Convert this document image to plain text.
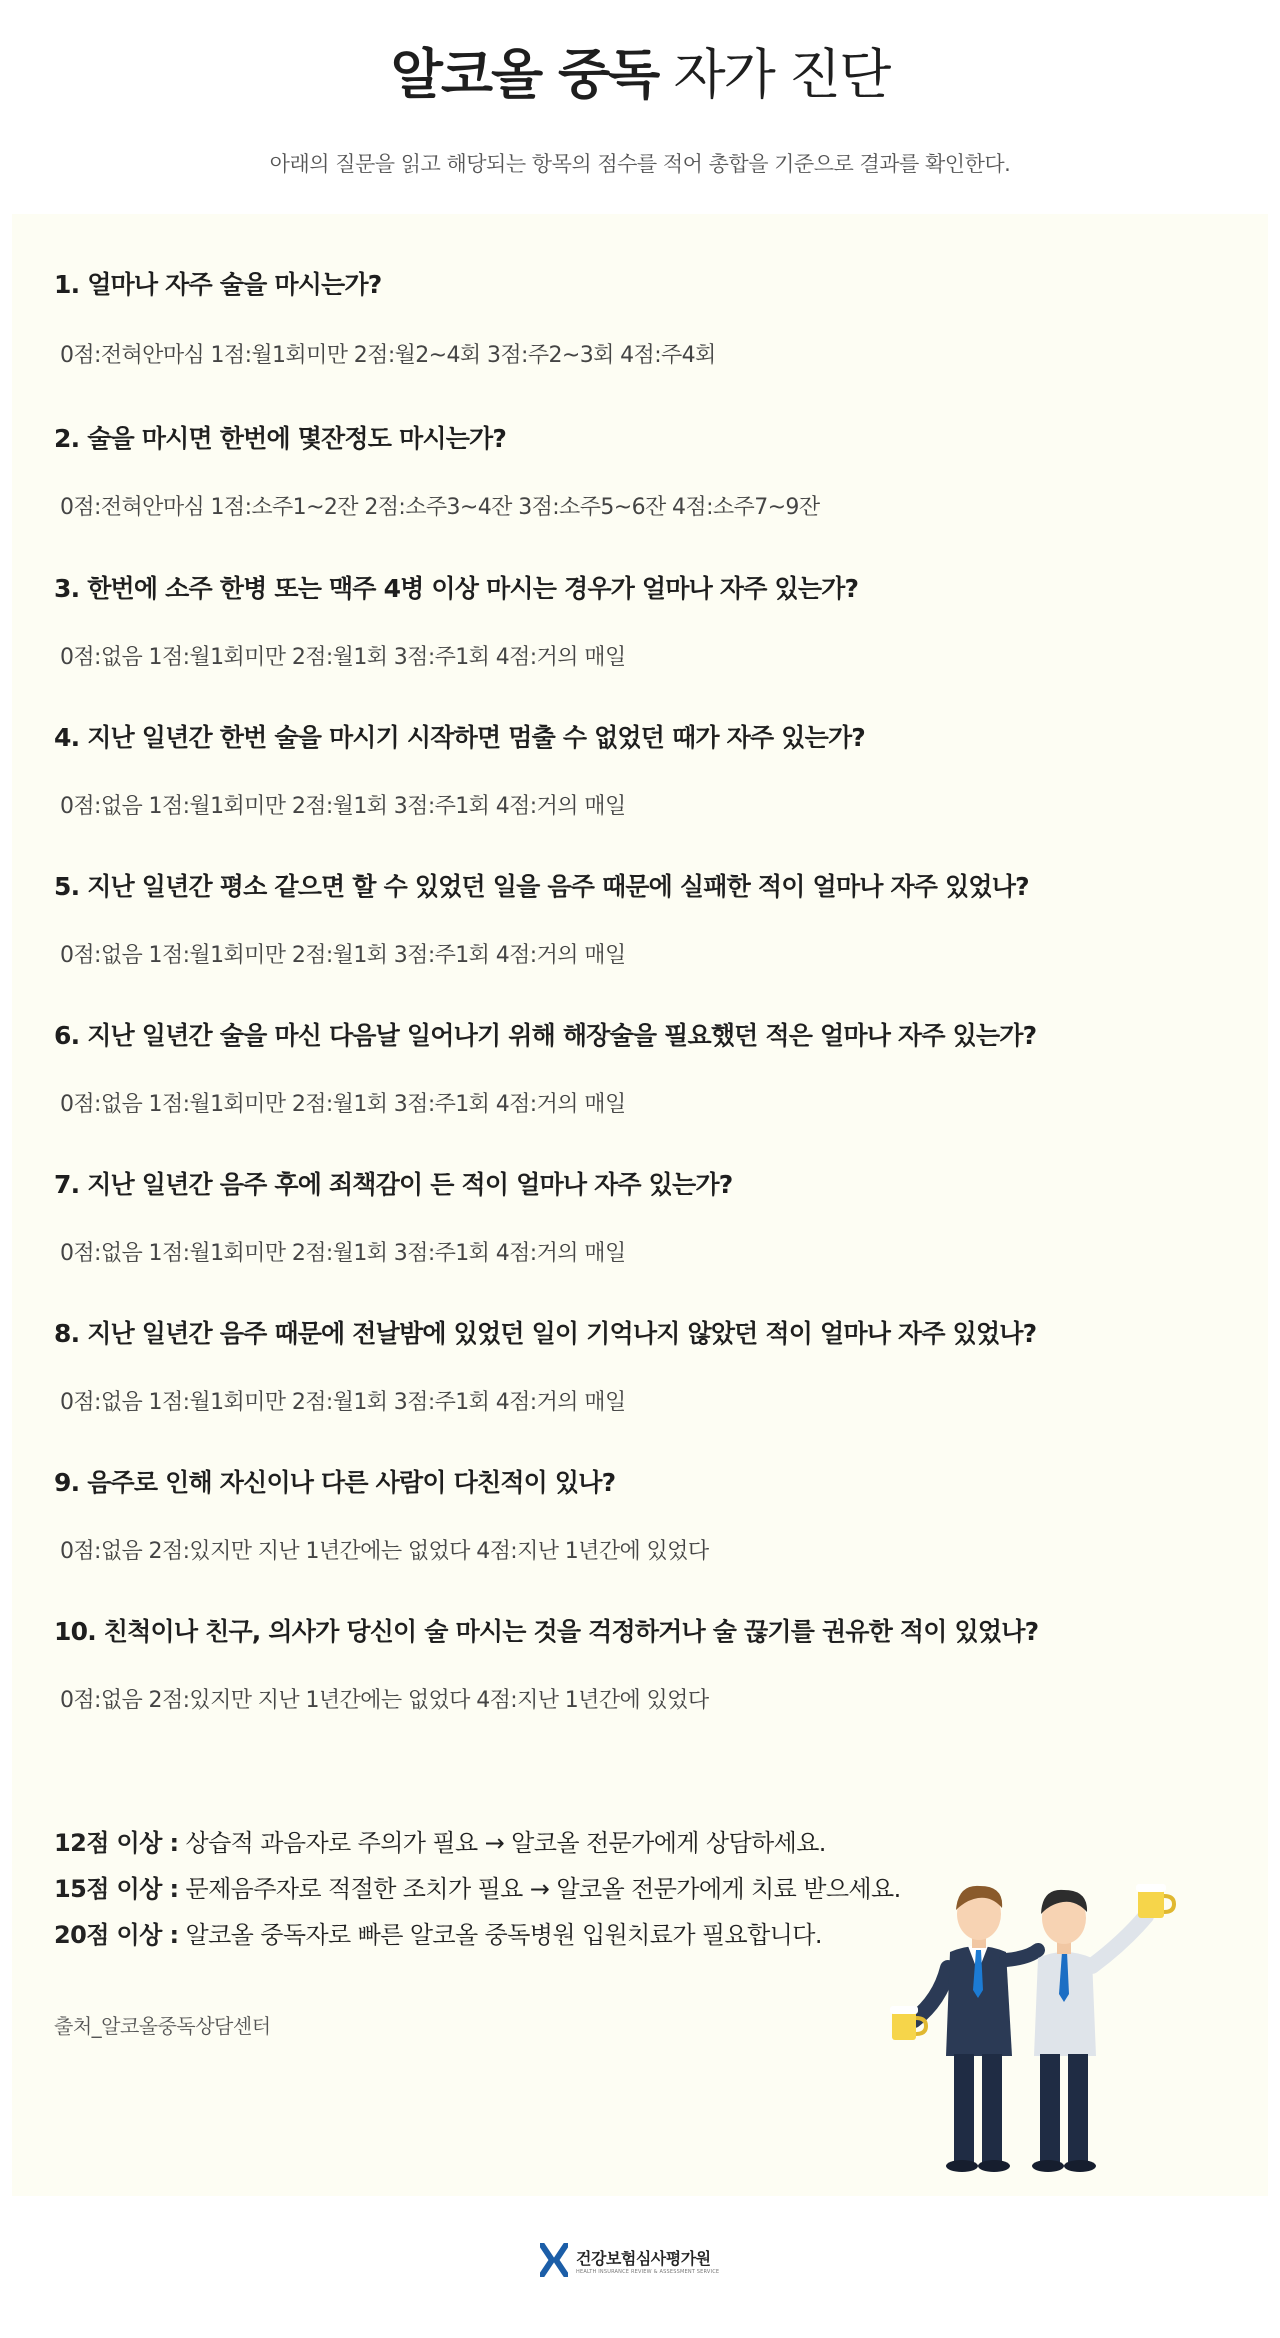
알코올 중독 자가 진단
아래의 질문을 읽고 해당되는 항목의 점수를 적어 총합을 기준으로 결과를 확인한다.
1. 얼마나 자주 술을 마시는가?
0점:전혀안마심 1점:월1회미만 2점:월2~4회 3점:주2~3회 4점:주4회
2. 술을 마시면 한번에 몇잔정도 마시는가?
0점:전혀안마심 1점:소주1~2잔 2점:소주3~4잔 3점:소주5~6잔 4점:소주7~9잔
3. 한번에 소주 한병 또는 맥주 4병 이상 마시는 경우가 얼마나 자주 있는가?
0점:없음 1점:월1회미만 2점:월1회 3점:주1회 4점:거의 매일
4. 지난 일년간 한번 술을 마시기 시작하면 멈출 수 없었던 때가 자주 있는가?
0점:없음 1점:월1회미만 2점:월1회 3점:주1회 4점:거의 매일
5. 지난 일년간 평소 같으면 할 수 있었던 일을 음주 때문에 실패한 적이 얼마나 자주 있었나?
0점:없음 1점:월1회미만 2점:월1회 3점:주1회 4점:거의 매일
6. 지난 일년간 술을 마신 다음날 일어나기 위해 해장술을 필요했던 적은 얼마나 자주 있는가?
0점:없음 1점:월1회미만 2점:월1회 3점:주1회 4점:거의 매일
7. 지난 일년간 음주 후에 죄책감이 든 적이 얼마나 자주 있는가?
0점:없음 1점:월1회미만 2점:월1회 3점:주1회 4점:거의 매일
8. 지난 일년간 음주 때문에 전날밤에 있었던 일이 기억나지 않았던 적이 얼마나 자주 있었나?
0점:없음 1점:월1회미만 2점:월1회 3점:주1회 4점:거의 매일
9. 음주로 인해 자신이나 다른 사람이 다친적이 있나?
0점:없음 2점:있지만 지난 1년간에는 없었다 4점:지난 1년간에 있었다
10. 친척이나 친구, 의사가 당신이 술 마시는 것을 걱정하거나 술 끊기를 권유한 적이 있었나?
0점:없음 2점:있지만 지난 1년간에는 없었다 4점:지난 1년간에 있었다
12점 이상 : 상습적 과음자로 주의가 필요 → 알코올 전문가에게 상담하세요.
15점 이상 : 문제음주자로 적절한 조치가 필요 → 알코올 전문가에게 치료 받으세요.
20점 이상 : 알코올 중독자로 빠른 알코올 중독병원 입원치료가 필요합니다.
출처_알코올중독상담센터
건강보험심사평가원
HEALTH INSURANCE REVIEW & ASSESSMENT SERVICE
